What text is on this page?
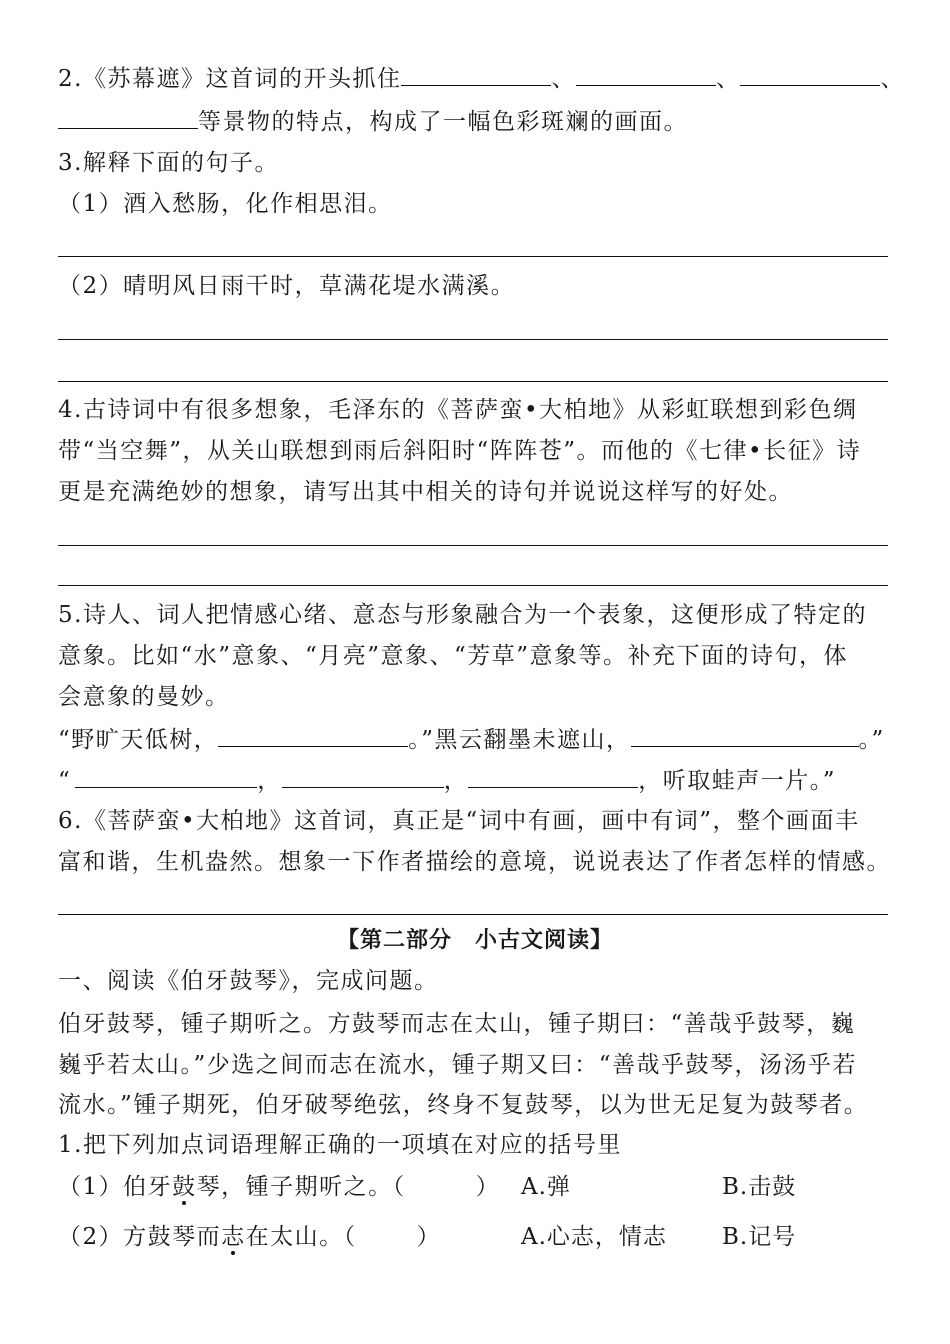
2.《苏幕遮》这首词的开头抓住	、	、	、
等景物的特点，构成了一幅色彩斑斓的画面。
3.解释下面的句子。
（1）酒入愁肠，化作相思泪。
（2）晴明风日雨干时，草满花堤水满溪。
4.古诗词中有很多想象，毛泽东的《菩萨蛮•大柏地》从彩虹联想到彩色绸
带“当空舞”，从关山联想到雨后斜阳时“阵阵苍”。而他的《七律•长征》诗
更是充满绝妙的想象，请写出其中相关的诗句并说说这样写的好处。
5.诗人、词人把情感心绪、意态与形象融合为一个表象，这便形成了特定的
意象。比如“水”意象、“月亮”意象、“芳草”意象等。补充下面的诗句，体
会意象的曼妙。
“野旷天低树，	。”黑云翻墨未遮山，	。”
“	，	，	，听取蛙声一片。”
6.《菩萨蛮•大柏地》这首词，真正是“词中有画，画中有词”，整个画面丰
富和谐，生机盎然。想象一下作者描绘的意境，说说表达了作者怎样的情感。
【第二部分　小古文阅读】
一、阅读《伯牙鼓琴》，完成问题。
伯牙鼓琴，锺子期听之。方鼓琴而志在太山，锺子期曰：“善哉乎鼓琴，巍
巍乎若太山。”少选之间而志在流水，锺子期又曰：“善哉乎鼓琴，汤汤乎若
流水。”锺子期死，伯牙破琴绝弦，终身不复鼓琴，以为世无足复为鼓琴者。
1.把下列加点词语理解正确的一项填在对应的括号里
（1）伯牙鼓琴，锺子期听之。（	） A.弹	B.击鼓
（2）方鼓琴而志在太山。（	）	A.心志，情志 B.记号
